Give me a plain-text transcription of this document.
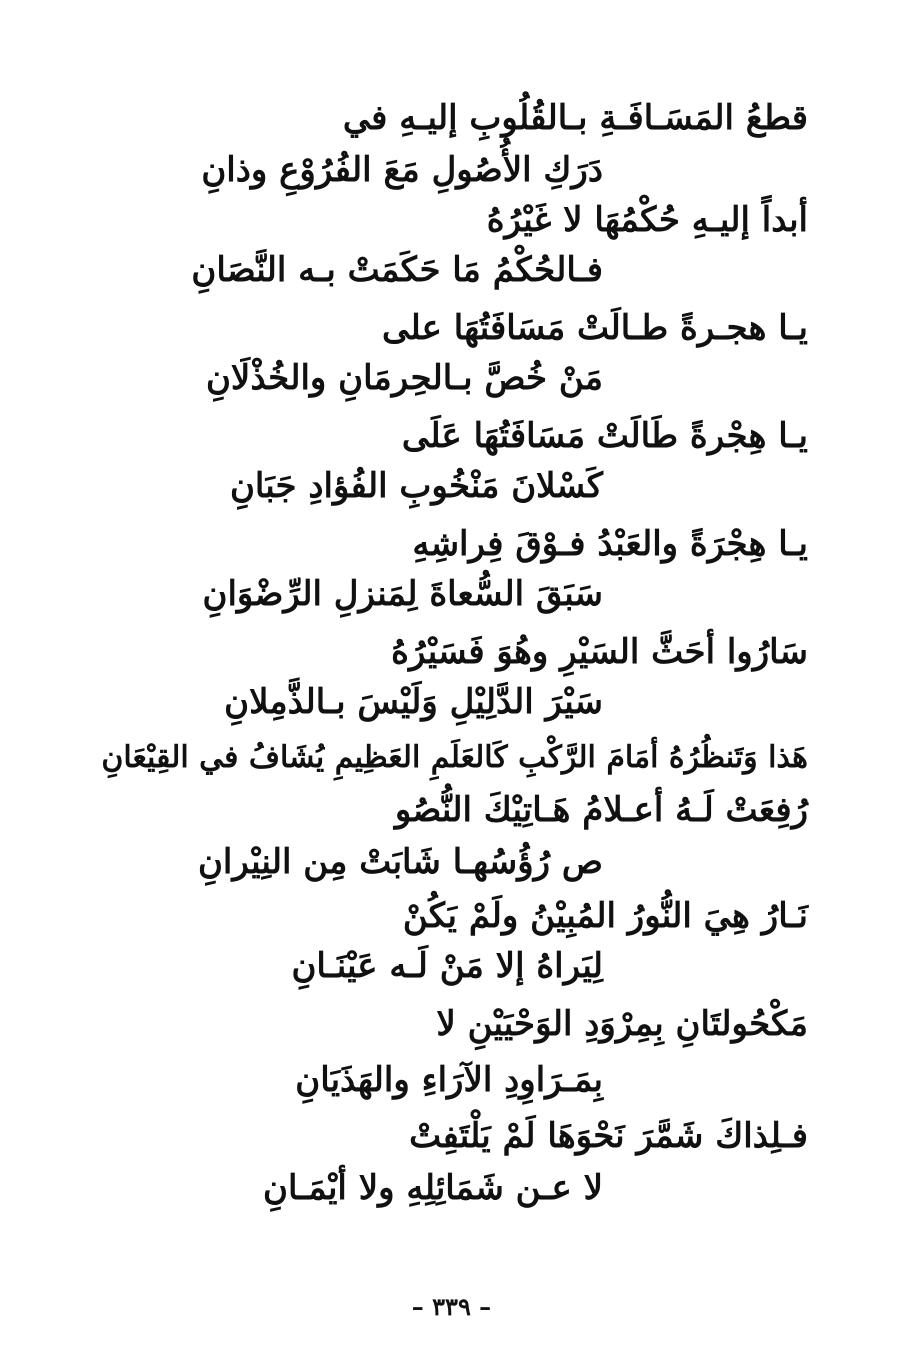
قطعُ المَسَـافَـةِ بـالقُلُوبِ إليـهِ في
دَرَكِ الأُصُولِ مَعَ الفُرُوْعِ وذانِ
أبداً إليـهِ حُكْمُهَا لا غَيْرُهُ
فـالحُكْمُ مَا حَكَمَتْ بـه النَّصَانِ
يـا هجـرةً طـالَتْ مَسَافَتُهَا على
مَنْ خُصَّ بـالحِرمَانِ والخُذْلَانِ
يـا هِجْرةً طَالَتْ مَسَافَتُهَا عَلَى
كَسْلانَ مَنْخُوبِ الفُؤادِ جَبَانِ
يـا هِجْرَةً والعَبْدُ فـوْقَ فِراشِهِ
سَبَقَ السُّعاةَ لِمَنزلِ الرِّضْوَانِ
سَارُوا أحَثَّ السَيْرِ وهُوَ فَسَيْرُهُ
سَيْرَ الدَّلِيْلِ وَلَيْسَ بـالذَّمِلانِ
هَذا وَتَنظُرُهُ أمَامَ الرَّكْبِ كَالعَلَمِ العَظِيمِ يُشَافُ في القِيْعَانِ
رُفِعَتْ لَـهُ أعـلامُ هَـاتِيْكَ النُّصُو
ص رُؤُسُهـا شَابَتْ مِن النِيْرانِ
نَـارُ هِيَ النُّورُ المُبِيْنُ ولَمْ يَكُنْ
لِيَراهُ إلا مَنْ لَـه عَيْنَـانِ
مَكْحُولتَانِ بِمِرْوَدِ الوَحْيَيْنِ لا
بِمَـرَاوِدِ الآرَاءِ والهَذَيَانِ
فـلِذاكَ شَمَّرَ نَحْوَهَا لَمْ يَلْتَفِتْ
لا عـن شَمَائِلِهِ ولا أيْمَـانِ
– ٣٣٩ –
